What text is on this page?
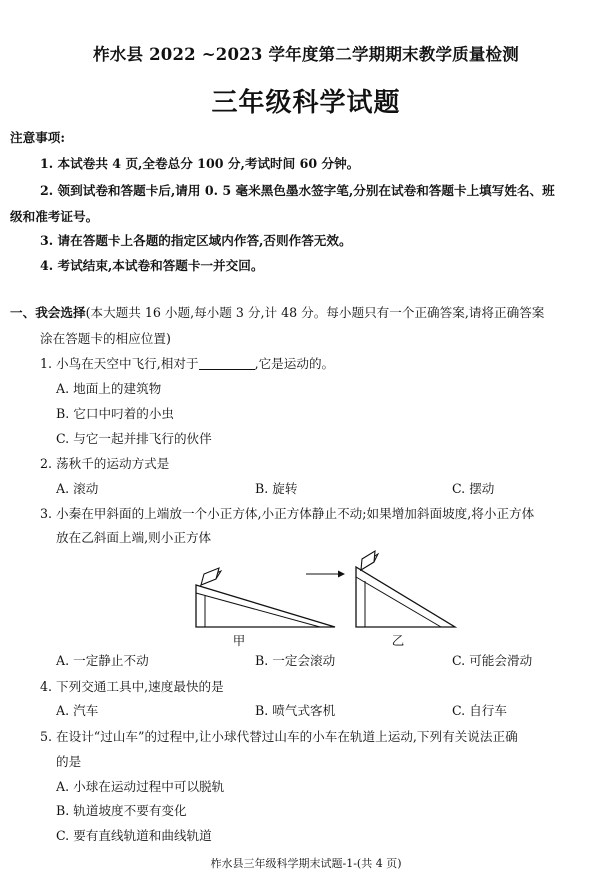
柞水县 2022 ~2023 学年度第二学期期末教学质量检测
三年级科学试题
注意事项:
1. 本试卷共 4 页,全卷总分 100 分,考试时间 60 分钟。
2. 领到试卷和答题卡后,请用 0. 5 毫米黑色墨水签字笔,分别在试卷和答题卡上填写姓名、班
级和准考证号。
3. 请在答题卡上各题的指定区域内作答,否则作答无效。
4. 考试结束,本试卷和答题卡一并交回。
一、我会选择(本大题共 16 小题,每小题 3 分,计 48 分。每小题只有一个正确答案,请将正确答案
涂在答题卡的相应位置)
1. 小鸟在天空中飞行,相对于	,它是运动的。
A. 地面上的建筑物
B. 它口中叼着的小虫
C. 与它一起并排飞行的伙伴
2. 荡秋千的运动方式是
A. 滚动	B. 旋转	C. 摆动
3. 小秦在甲斜面的上端放一个小正方体,小正方体静止不动;如果增加斜面坡度,将小正方体
放在乙斜面上端,则小正方体
甲	乙
A. 一定静止不动	B. 一定会滚动	C. 可能会滑动
4. 下列交通工具中,速度最快的是
A. 汽车	B. 喷气式客机	C. 自行车
5. 在设计“过山车”的过程中,让小球代替过山车的小车在轨道上运动,下列有关说法正确
的是
A. 小球在运动过程中可以脱轨
B. 轨道坡度不要有变化
C. 要有直线轨道和曲线轨道
柞水县三年级科学期末试题-1-(共 4 页)
